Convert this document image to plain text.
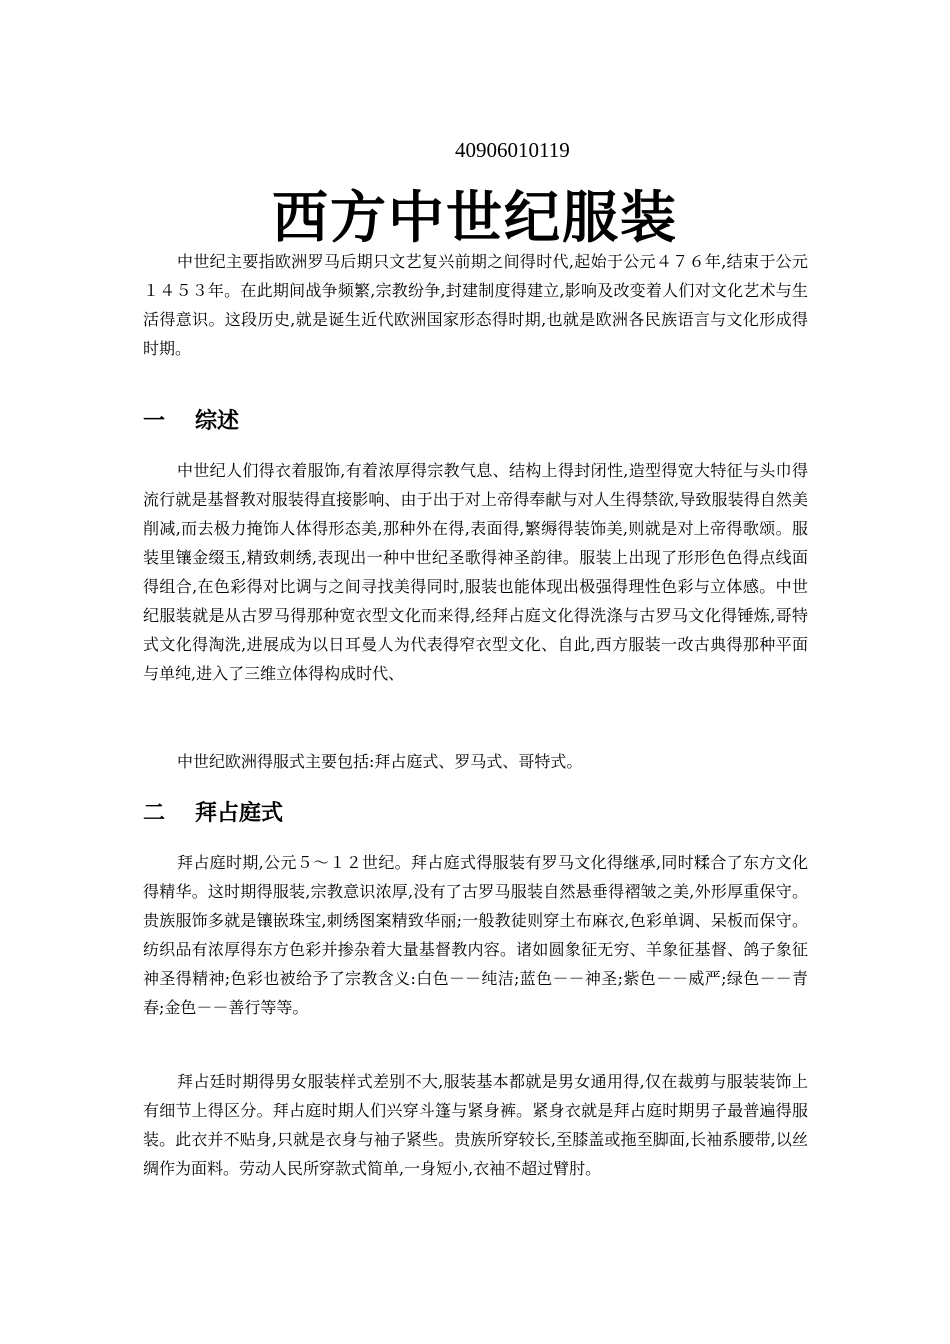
40906010119
西方中世纪服装

中世纪主要指欧洲罗马后期只文艺复兴前期之间得时代,起始于公元４７６年,结束于公元１４５３年。在此期间战争频繁,宗教纷争,封建制度得建立,影响及改变着人们对文化艺术与生活得意识。这段历史,就是诞生近代欧洲国家形态得时期,也就是欧洲各民族语言与文化形成得时期。

一 综述

中世纪人们得衣着服饰,有着浓厚得宗教气息、结构上得封闭性,造型得宽大特征与头巾得流行就是基督教对服装得直接影响、由于出于对上帝得奉献与对人生得禁欲,导致服装得自然美削减,而去极力掩饰人体得形态美,那种外在得,表面得,繁缛得装饰美,则就是对上帝得歌颂。服装里镶金缀玉,精致刺绣,表现出一种中世纪圣歌得神圣韵律。服装上出现了形形色色得点线面得组合,在色彩得对比调与之间寻找美得同时,服装也能体现出极强得理性色彩与立体感。中世纪服装就是从古罗马得那种宽衣型文化而来得,经拜占庭文化得洗涤与古罗马文化得锤炼,哥特式文化得淘洗,进展成为以日耳曼人为代表得窄衣型文化、自此,西方服装一改古典得那种平面与单纯,进入了三维立体得构成时代、

中世纪欧洲得服式主要包括:拜占庭式、罗马式、哥特式。

二 拜占庭式

拜占庭时期,公元５～１２世纪。拜占庭式得服装有罗马文化得继承,同时糅合了东方文化得精华。这时期得服装,宗教意识浓厚,没有了古罗马服装自然悬垂得褶皱之美,外形厚重保守。贵族服饰多就是镶嵌珠宝,刺绣图案精致华丽;一般教徒则穿土布麻衣,色彩单调、呆板而保守。纺织品有浓厚得东方色彩并掺杂着大量基督教内容。诸如圆象征无穷、羊象征基督、鸽子象征神圣得精神;色彩也被给予了宗教含义:白色－－纯洁;蓝色－－神圣;紫色－－威严;绿色－－青春;金色－－善行等等。

拜占廷时期得男女服装样式差别不大,服装基本都就是男女通用得,仅在裁剪与服装装饰上有细节上得区分。拜占庭时期人们兴穿斗篷与紧身裤。紧身衣就是拜占庭时期男子最普遍得服装。此衣并不贴身,只就是衣身与袖子紧些。贵族所穿较长,至膝盖或拖至脚面,长袖系腰带,以丝绸作为面料。劳动人民所穿款式简单,一身短小,衣袖不超过臂肘。
